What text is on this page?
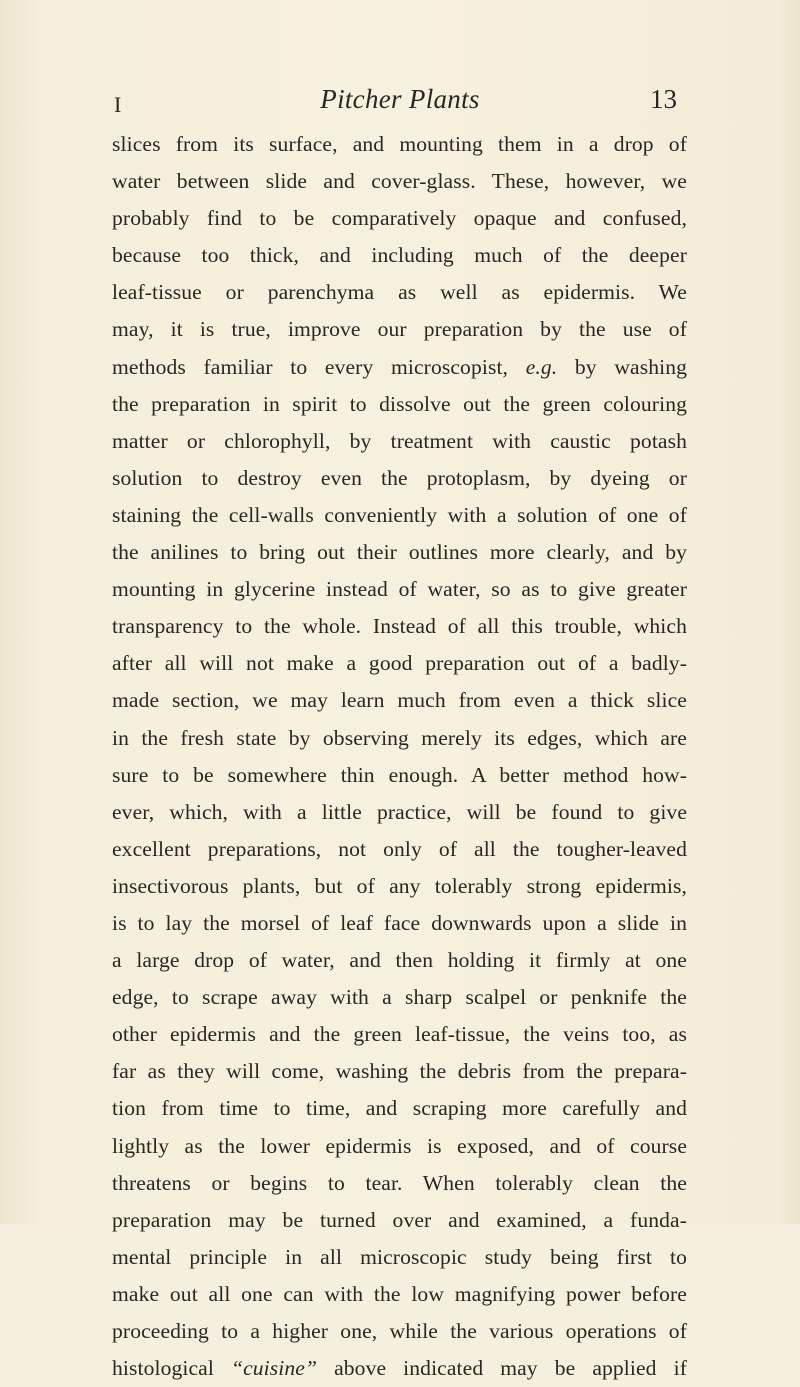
I	Pitcher Plants	13

slices from its surface, and mounting them in a drop of
water between slide and cover-glass. These, however, we
probably find to be comparatively opaque and confused,
because too thick, and including much of the deeper
leaf-tissue or parenchyma as well as epidermis. We
may, it is true, improve our preparation by the use of
methods familiar to every microscopist, e.g. by washing
the preparation in spirit to dissolve out the green colouring
matter or chlorophyll, by treatment with caustic potash
solution to destroy even the protoplasm, by dyeing or
staining the cell-walls conveniently with a solution of one of
the anilines to bring out their outlines more clearly, and by
mounting in glycerine instead of water, so as to give greater
transparency to the whole. Instead of all this trouble, which
after all will not make a good preparation out of a badly-
made section, we may learn much from even a thick slice
in the fresh state by observing merely its edges, which are
sure to be somewhere thin enough. A better method how-
ever, which, with a little practice, will be found to give
excellent preparations, not only of all the tougher-leaved
insectivorous plants, but of any tolerably strong epidermis,
is to lay the morsel of leaf face downwards upon a slide in
a large drop of water, and then holding it firmly at one
edge, to scrape away with a sharp scalpel or penknife the
other epidermis and the green leaf-tissue, the veins too, as
far as they will come, washing the debris from the prepara-
tion from time to time, and scraping more carefully and
lightly as the lower epidermis is exposed, and of course
threatens or begins to tear. When tolerably clean the
preparation may be turned over and examined, a funda-
mental principle in all microscopic study being first to
make out all one can with the low magnifying power before
proceeding to a higher one, while the various operations of
histological “cuisine” above indicated may be applied if
